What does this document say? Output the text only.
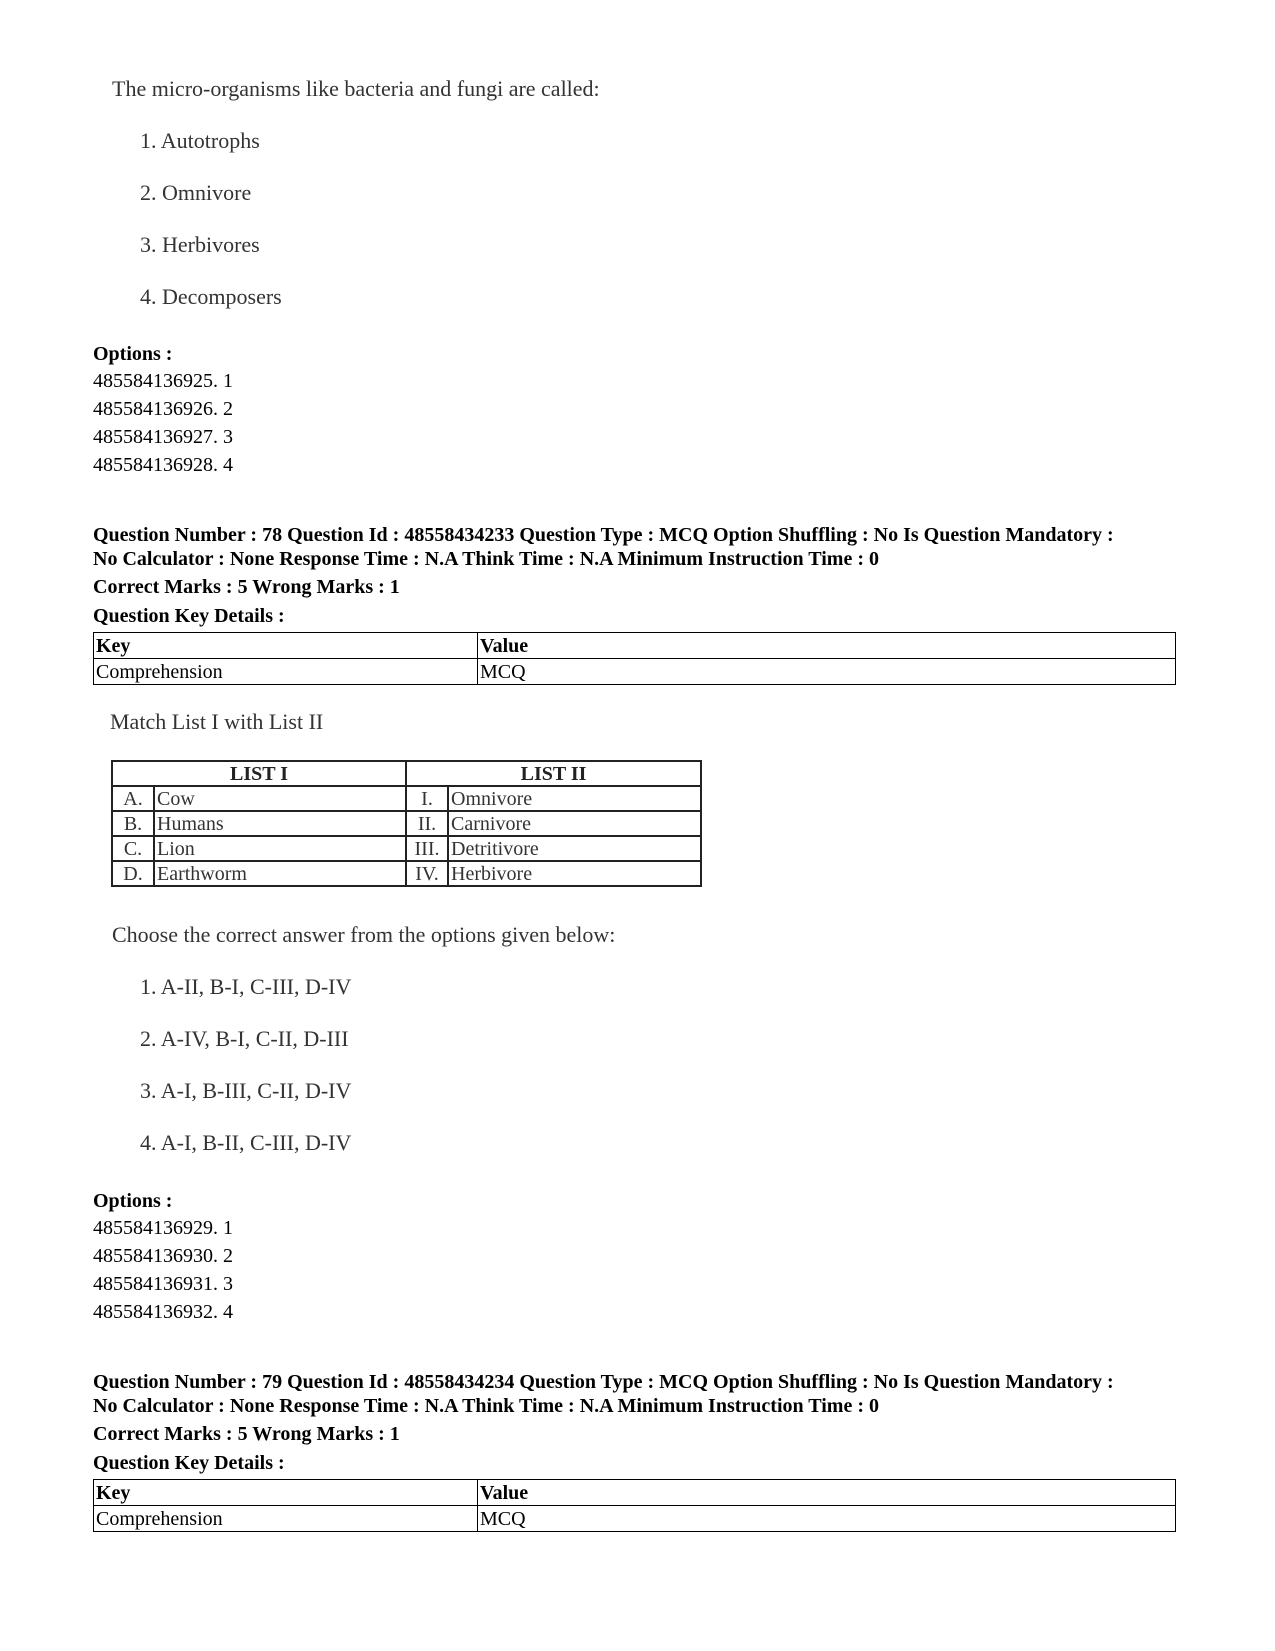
The micro-organisms like bacteria and fungi are called:
1. Autotrophs
2. Omnivore
3. Herbivores
4. Decomposers
Options :
485584136925. 1
485584136926. 2
485584136927. 3
485584136928. 4
Question Number : 78 Question Id : 48558434233 Question Type : MCQ Option Shuffling : No Is Question Mandatory :
No Calculator : None Response Time : N.A Think Time : N.A Minimum Instruction Time : 0
Correct Marks : 5 Wrong Marks : 1
Question Key Details :
Key	Value
Comprehension	MCQ
Match List I with List II
LIST I		LIST II	
A.	Cow	I.	Omnivore
B.	Humans	II.	Carnivore
C.	Lion	III.	Detritivore
D.	Earthworm	IV.	Herbivore
Choose the correct answer from the options given below:
1. A-II, B-I, C-III, D-IV
2. A-IV, B-I, C-II, D-III
3. A-I, B-III, C-II, D-IV
4. A-I, B-II, C-III, D-IV
Options :
485584136929. 1
485584136930. 2
485584136931. 3
485584136932. 4
Question Number : 79 Question Id : 48558434234 Question Type : MCQ Option Shuffling : No Is Question Mandatory :
No Calculator : None Response Time : N.A Think Time : N.A Minimum Instruction Time : 0
Correct Marks : 5 Wrong Marks : 1
Question Key Details :
Key	Value
Comprehension	MCQ
